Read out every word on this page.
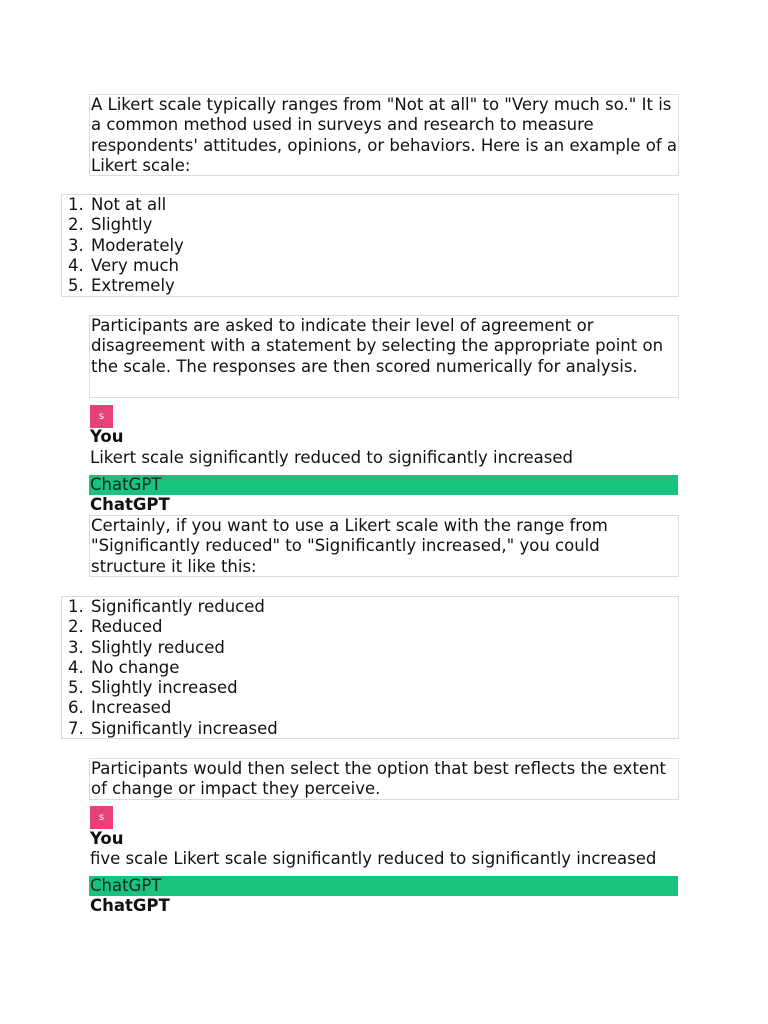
A Likert scale typically ranges from "Not at all" to "Very much so." It is a common method used in surveys and research to measure respondents' attitudes, opinions, or behaviors. Here is an example of a Likert scale:

1. Not at all
2. Slightly
3. Moderately
4. Very much
5. Extremely

Participants are asked to indicate their level of agreement or disagreement with a statement by selecting the appropriate point on the scale. The responses are then scored numerically for analysis.

s
You
Likert scale significantly reduced to significantly increased
ChatGPT
ChatGPT

Certainly, if you want to use a Likert scale with the range from "Significantly reduced" to "Significantly increased," you could structure it like this:

1. Significantly reduced
2. Reduced
3. Slightly reduced
4. No change
5. Slightly increased
6. Increased
7. Significantly increased

Participants would then select the option that best reflects the extent of change or impact they perceive.

s
You
five scale Likert scale significantly reduced to significantly increased
ChatGPT
ChatGPT
